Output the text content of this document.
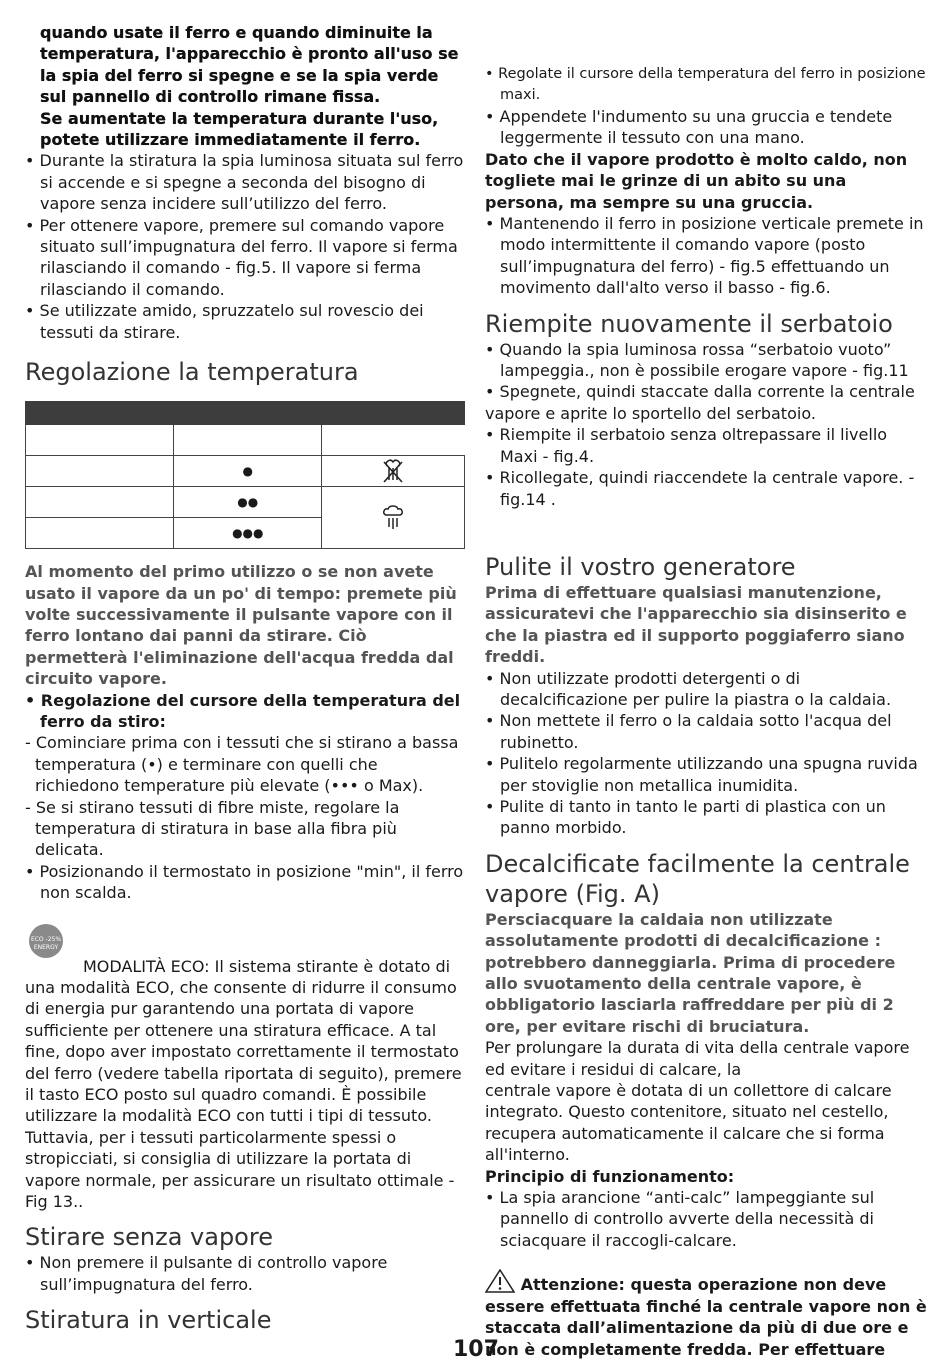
quando usate il ferro e quando diminuite la temperatura, l'apparecchio è pronto all'uso se la spia del ferro si spegne e se la spia verde sul pannello di controllo rimane fissa.

Se aumentate la temperatura durante l'uso, potete utilizzare immediatamente il ferro.

• Durante la stiratura la spia luminosa situata sul ferro si accende e si spegne a seconda del bisogno di vapore senza incidere sull’utilizzo del ferro.

• Per ottenere vapore, premere sul comando vapore situato sull’impugnatura del ferro. Il vapore si ferma rilasciando il comando - fig.5. Il vapore si ferma rilasciando il comando.

• Se utilizzate amido, spruzzatelo sul rovescio dei tessuti da stirare.

Regolazione la temperatura

	●	
	●●	
	●●●	

Al momento del primo utilizzo o se non avete usato il vapore da un po' di tempo: premete più volte successivamente il pulsante vapore con il ferro lontano dai panni da stirare. Ciò permetterà l'eliminazione dell'acqua fredda dal circuito vapore.

• Regolazione del cursore della temperatura del ferro da stiro:

- Cominciare prima con i tessuti che si stirano a bassa temperatura (•) e terminare con quelli che richiedono temperature più elevate (••• o Max).

- Se si stirano tessuti di fibre miste, regolare la temperatura di stiratura in base alla fibra più delicata.

• Posizionando il termostato in posizione "min", il ferro non scalda.

ECO -25%
ENERGY

MODALITÀ ECO: Il sistema stirante è dotato di una modalità ECO, che consente di ridurre il consumo di energia pur garantendo una portata di vapore sufficiente per ottenere una stiratura efficace. A tal fine, dopo aver impostato correttamente il termostato del ferro (vedere tabella riportata di seguito), premere il tasto ECO posto sul quadro comandi. È possibile utilizzare la modalità ECO con tutti i tipi di tessuto. Tuttavia, per i tessuti particolarmente spessi o stropicciati, si consiglia di utilizzare la portata di vapore normale, per assicurare un risultato ottimale - Fig 13..

Stirare senza vapore

• Non premere il pulsante di controllo vapore sull’impugnatura del ferro.

Stiratura in verticale

• Regolate il cursore della temperatura del ferro in posizione maxi.

• Appendete l'indumento su una gruccia e tendete leggermente il tessuto con una mano.

Dato che il vapore prodotto è molto caldo, non togliete mai le grinze di un abito su una persona, ma sempre su una gruccia.

• Mantenendo il ferro in posizione verticale premete in modo intermittente il comando vapore (posto sull’impugnatura del ferro) - fig.5 effettuando un movimento dall'alto verso il basso - fig.6.

Riempite nuovamente il serbatoio

• Quando la spia luminosa rossa “serbatoio vuoto” lampeggia., non è possibile erogare vapore - fig.11

• Spegnete, quindi staccate dalla corrente la centrale vapore e aprite lo sportello del serbatoio.

• Riempite il serbatoio senza oltrepassare il livello Maxi - fig.4.

• Ricollegate, quindi riaccendete la centrale vapore. - fig.14 .

Pulite il vostro generatore

Prima di effettuare qualsiasi manutenzione, assicuratevi che l'apparecchio sia disinserito e che la piastra ed il supporto poggiaferro siano freddi.

• Non utilizzate prodotti detergenti o di decalcificazione per pulire la piastra o la caldaia.

• Non mettete il ferro o la caldaia sotto l'acqua del rubinetto.

• Pulitelo regolarmente utilizzando una spugna ruvida per stoviglie non metallica inumidita.

• Pulite di tanto in tanto le parti di plastica con un panno morbido.

Decalcificate facilmente la centrale vapore (Fig. A)

Persciacquare la caldaia non utilizzate assolutamente prodotti di decalcificazione : potrebbero danneggiarla. Prima di procedere allo svuotamento della centrale vapore, è obbligatorio lasciarla raffreddare per più di 2 ore, per evitare rischi di bruciatura.

Per prolungare la durata di vita della centrale vapore ed evitare i residui di calcare, la

centrale vapore è dotata di un collettore di calcare integrato. Questo contenitore, situato nel cestello, recupera automaticamente il calcare che si forma all'interno.

Principio di funzionamento:

• La spia arancione “anti-calc” lampeggiante sul pannello di controllo avverte della necessità di sciacquare il raccogli-calcare.

Attenzione: questa operazione non deve essere effettuata finché la centrale vapore non è staccata dall’alimentazione da più di due ore e non è completamente fredda. Per effettuare

107
